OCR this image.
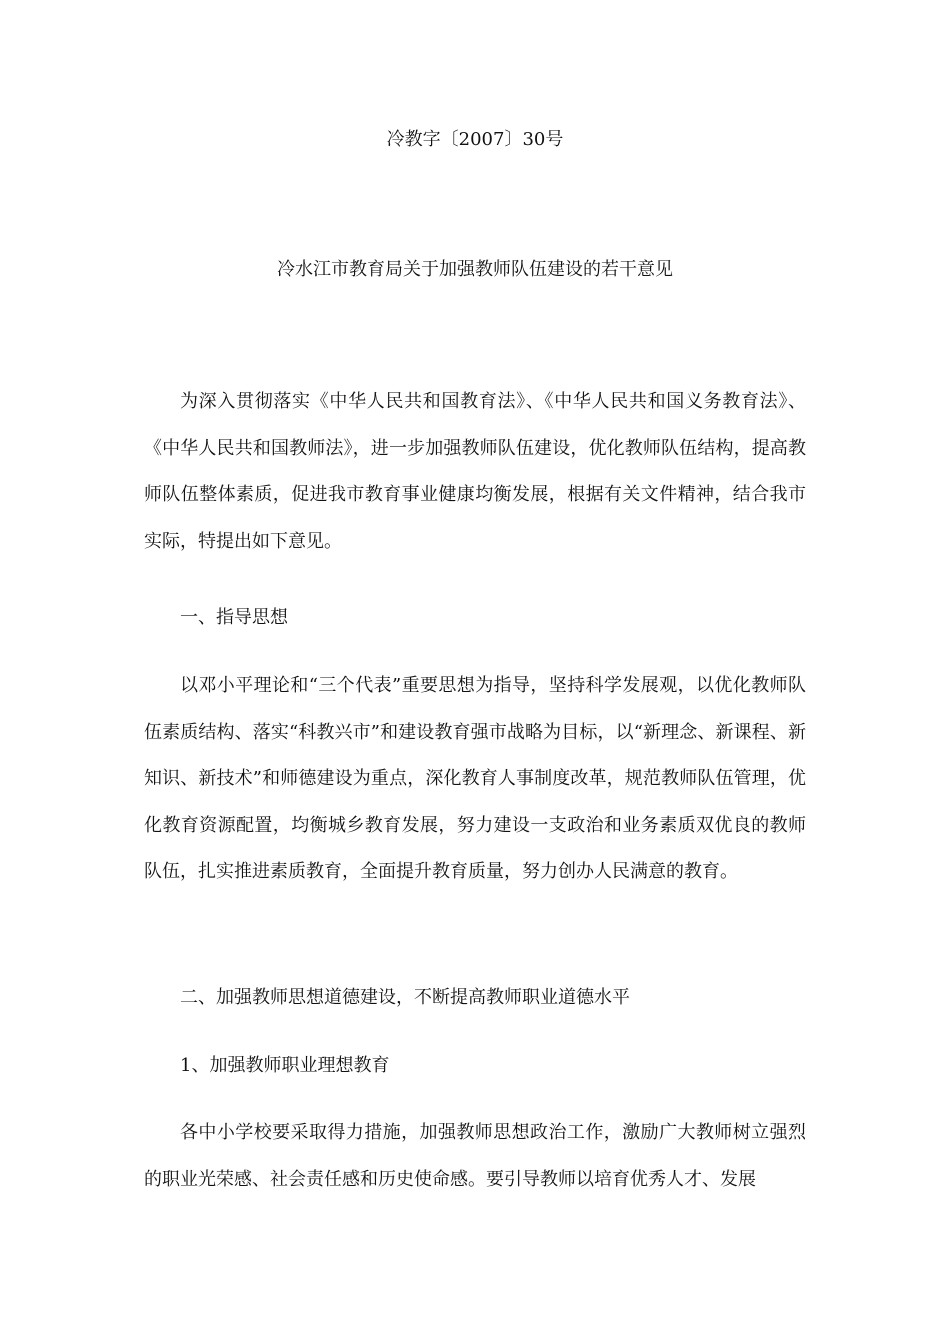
冷教字〔2007〕30号
冷水江市教育局关于加强教师队伍建设的若干意见

为深入贯彻落实《中华人民共和国教育法》、《中华人民共和国义务教育法》、《中华人民共和国教师法》，进一步加强教师队伍建设，优化教师队伍结构，提高教师队伍整体素质，促进我市教育事业健康均衡发展，根据有关文件精神，结合我市实际，特提出如下意见。

一、指导思想

以邓小平理论和“三个代表”重要思想为指导，坚持科学发展观，以优化教师队伍素质结构、落实“科教兴市”和建设教育强市战略为目标，以“新理念、新课程、新知识、新技术”和师德建设为重点，深化教育人事制度改革，规范教师队伍管理，优化教育资源配置，均衡城乡教育发展，努力建设一支政治和业务素质双优良的教师队伍，扎实推进素质教育，全面提升教育质量，努力创办人民满意的教育。

二、加强教师思想道德建设，不断提高教师职业道德水平

1、加强教师职业理想教育

各中小学校要采取得力措施，加强教师思想政治工作，激励广大教师树立强烈的职业光荣感、社会责任感和历史使命感。要引导教师以培育优秀人才、发展
